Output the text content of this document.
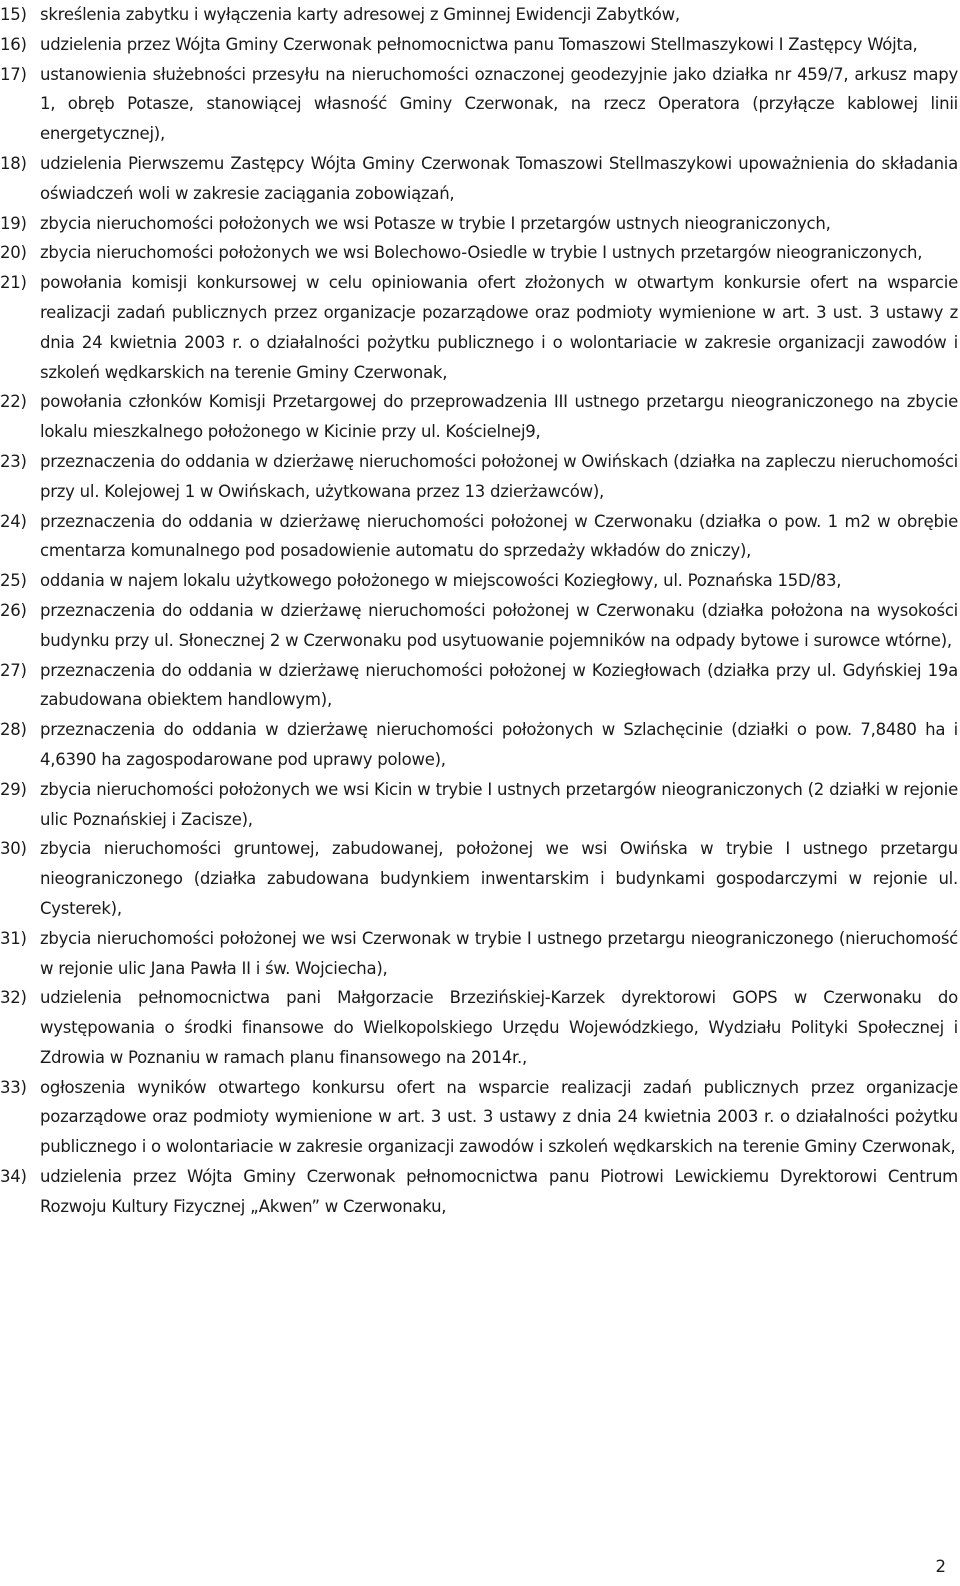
15) skreślenia zabytku i wyłączenia karty adresowej z Gminnej Ewidencji Zabytków,

16) udzielenia przez Wójta Gminy Czerwonak pełnomocnictwa panu Tomaszowi Stellmaszykowi I Zastępcy Wójta,

17) ustanowienia służebności przesyłu na nieruchomości oznaczonej geodezyjnie jako działka nr 459/7, arkusz mapy 1, obręb Potasze, stanowiącej własność Gminy Czerwonak, na rzecz Operatora (przyłącze kablowej linii energetycznej),

18) udzielenia Pierwszemu Zastępcy Wójta Gminy Czerwonak Tomaszowi Stellmaszykowi upoważnienia do składania oświadczeń woli w zakresie zaciągania zobowiązań,

19) zbycia nieruchomości położonych we wsi Potasze w trybie I przetargów ustnych nieograniczonych,

20) zbycia nieruchomości położonych we wsi Bolechowo-Osiedle w trybie I ustnych przetargów nieograniczonych,

21) powołania komisji konkursowej w celu opiniowania ofert złożonych w otwartym konkursie ofert na wsparcie realizacji zadań publicznych przez organizacje pozarządowe oraz podmioty wymienione w art. 3 ust. 3 ustawy z dnia 24 kwietnia 2003 r. o działalności pożytku publicznego i o wolontariacie w zakresie organizacji zawodów i szkoleń wędkarskich na terenie Gminy Czerwonak,

22) powołania członków Komisji Przetargowej do przeprowadzenia III ustnego przetargu nieograniczonego na zbycie lokalu mieszkalnego położonego w Kicinie przy ul. Kościelnej9,

23) przeznaczenia do oddania w dzierżawę nieruchomości położonej w Owińskach (działka na zapleczu nieruchomości przy ul. Kolejowej 1 w Owińskach, użytkowana przez 13 dzierżawców),

24) przeznaczenia do oddania w dzierżawę nieruchomości położonej w Czerwonaku (działka o pow. 1 m2 w obrębie cmentarza komunalnego pod posadowienie automatu do sprzedaży wkładów do zniczy),

25) oddania w najem lokalu użytkowego położonego w miejscowości Koziegłowy, ul. Poznańska 15D/83,

26) przeznaczenia do oddania w dzierżawę nieruchomości położonej w Czerwonaku (działka położona na wysokości budynku przy ul. Słonecznej 2 w Czerwonaku pod usytuowanie pojemników na odpady bytowe i surowce wtórne),

27) przeznaczenia do oddania w dzierżawę nieruchomości położonej w Koziegłowach (działka przy ul. Gdyńskiej 19a zabudowana obiektem handlowym),

28) przeznaczenia do oddania w dzierżawę nieruchomości położonych w Szlachęcinie (działki o pow. 7,8480 ha i 4,6390 ha zagospodarowane pod uprawy polowe),

29) zbycia nieruchomości położonych we wsi Kicin w trybie I ustnych przetargów nieograniczonych (2 działki w rejonie ulic Poznańskiej i Zacisze),

30) zbycia nieruchomości gruntowej, zabudowanej, położonej we wsi Owińska w trybie I ustnego przetargu nieograniczonego (działka zabudowana budynkiem inwentarskim i budynkami gospodarczymi w rejonie ul. Cysterek),

31) zbycia nieruchomości położonej we wsi Czerwonak w trybie I ustnego przetargu nieograniczonego (nieruchomość w rejonie ulic Jana Pawła II i św. Wojciecha),

32) udzielenia pełnomocnictwa pani Małgorzacie Brzezińskiej-Karzek dyrektorowi GOPS w Czerwonaku do występowania o środki finansowe do Wielkopolskiego Urzędu Wojewódzkiego, Wydziału Polityki Społecznej i Zdrowia w Poznaniu w ramach planu finansowego na 2014r.,

33) ogłoszenia wyników otwartego konkursu ofert na wsparcie realizacji zadań publicznych przez organizacje pozarządowe oraz podmioty wymienione w art. 3 ust. 3 ustawy z dnia 24 kwietnia 2003 r. o działalności pożytku publicznego i o wolontariacie w zakresie organizacji zawodów i szkoleń wędkarskich na terenie Gminy Czerwonak,

34) udzielenia przez Wójta Gminy Czerwonak pełnomocnictwa panu Piotrowi Lewickiemu Dyrektorowi Centrum Rozwoju Kultury Fizycznej „Akwen” w Czerwonaku,

2
